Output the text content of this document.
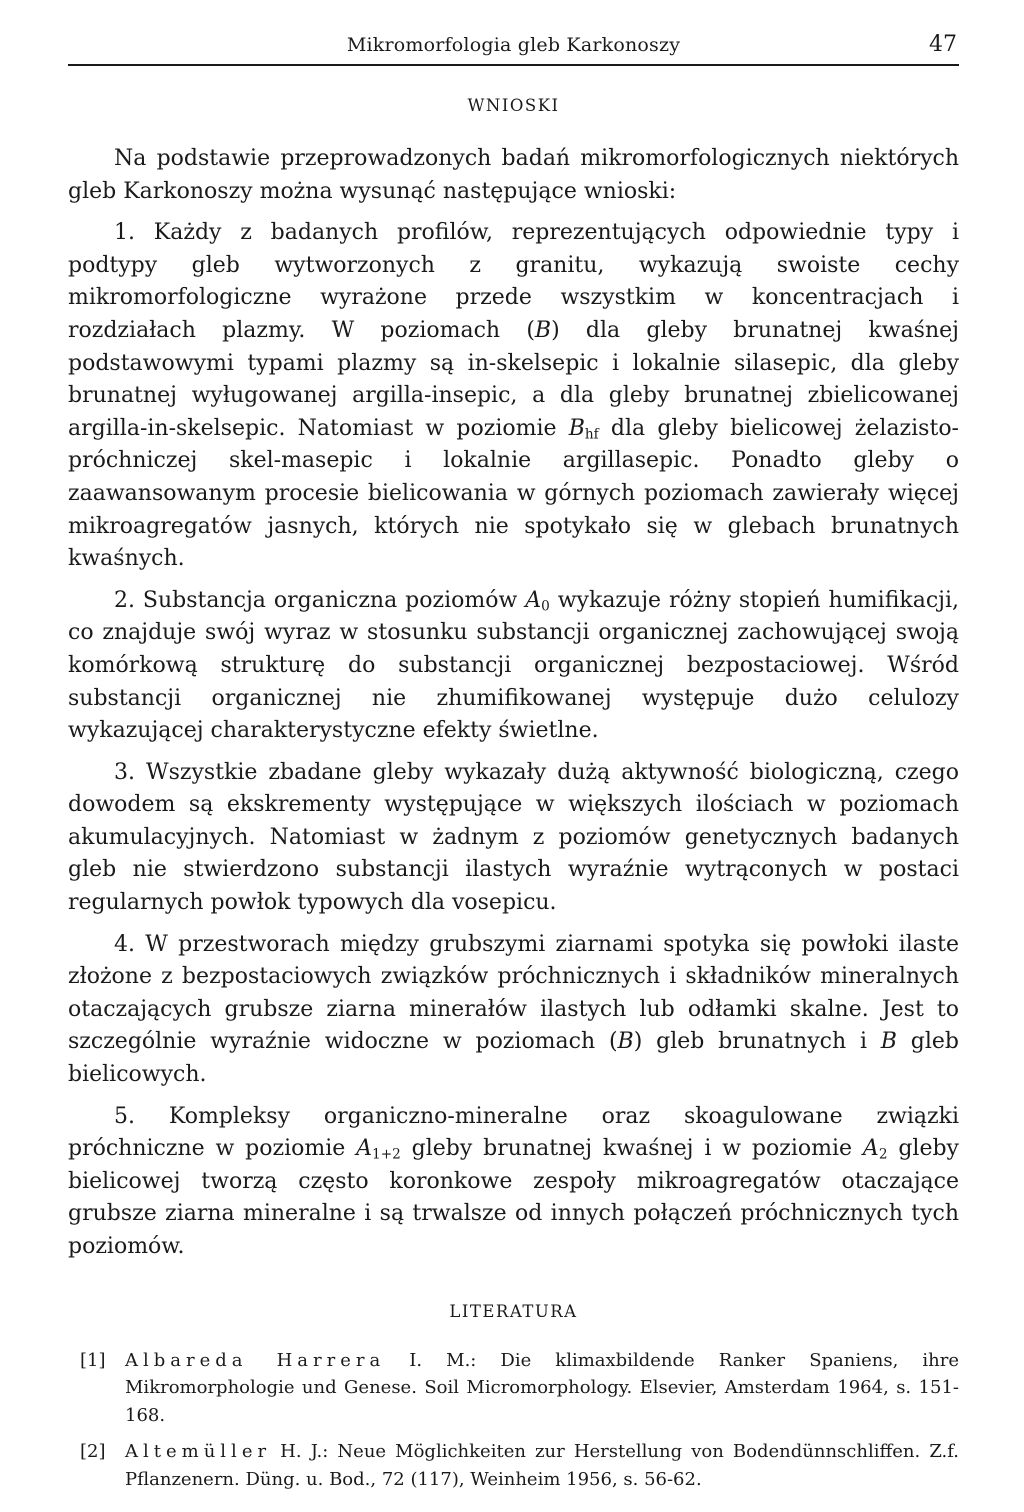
Mikromorfologia gleb Karkonoszy	47
WNIOSKI

Na podstawie przeprowadzonych badań mikromorfologicznych niektórych gleb Karkonoszy można wysunąć następujące wnioski:

1. Każdy z badanych profilów, reprezentujących odpowiednie typy i podtypy gleb wytworzonych z granitu, wykazują swoiste cechy mikromorfologiczne wyrażone przede wszystkim w koncentracjach i rozdziałach plazmy. W poziomach (B) dla gleby brunatnej kwaśnej podstawowymi typami plazmy są in-skelsepic i lokalnie silasepic, dla gleby brunatnej wyługowanej argilla-insepic, a dla gleby brunatnej zbielicowanej argilla-in-skelsepic. Natomiast w poziomie $B_{hf}$ dla gleby bielicowej żelazisto-próchniczej skel-masepic i lokalnie argillasepic. Ponadto gleby o zaawansowanym procesie bielicowania w górnych poziomach zawierały więcej mikroagregatów jasnych, których nie spotykało się w glebach brunatnych kwaśnych.

2. Substancja organiczna poziomów $A_0$ wykazuje różny stopień humifikacji, co znajduje swój wyraz w stosunku substancji organicznej zachowującej swoją komórkową strukturę do substancji organicznej bezpostaciowej. Wśród substancji organicznej nie zhumifikowanej występuje dużo celulozy wykazującej charakterystyczne efekty świetlne.

3. Wszystkie zbadane gleby wykazały dużą aktywność biologiczną, czego dowodem są ekskrementy występujące w większych ilościach w poziomach akumulacyjnych. Natomiast w żadnym z poziomów genetycznych badanych gleb nie stwierdzono substancji ilastych wyraźnie wytrąconych w postaci regularnych powłok typowych dla vosepicu.

4. W przestworach między grubszymi ziarnami spotyka się powłoki ilaste złożone z bezpostaciowych związków próchnicznych i składników mineralnych otaczających grubsze ziarna minerałów ilastych lub odłamki skalne. Jest to szczególnie wyraźnie widoczne w poziomach (B) gleb brunatnych i B gleb bielicowych.

5. Kompleksy organiczno-mineralne oraz skoagulowane związki próchniczne w poziomie $A_{1+2}$ gleby brunatnej kwaśnej i w poziomie $A_2$ gleby bielicowej tworzą często koronkowe zespoły mikroagregatów otaczające grubsze ziarna mineralne i są trwalsze od innych połączeń próchnicznych tych poziomów.

LITERATURA
[1] Albareda Harrera I. M.: Die klimaxbildende Ranker Spaniens, ihre Mikromorphologie und Genese. Soil Micromorphology. Elsevier, Amsterdam 1964, s. 151-168.
[2] Altemüller H. J.: Neue Möglichkeiten zur Herstellung von Bodendünnschliffen. Z.f. Pflanzenern. Düng. u. Bod., 72 (117), Weinheim 1956, s. 56-62.
